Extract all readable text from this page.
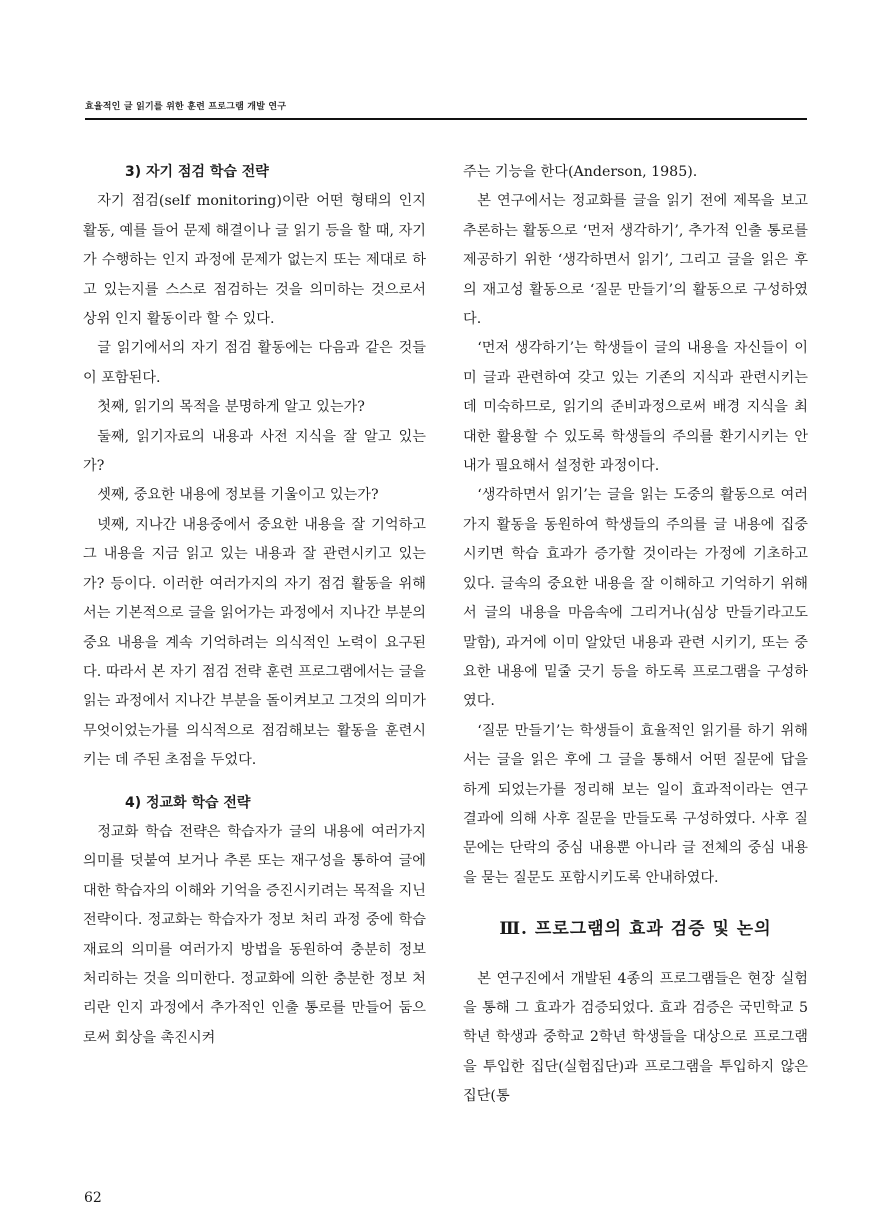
효율적인 글 읽기를 위한 훈련 프로그램 개발 연구

3) 자기 점검 학습 전략

자기 점검(self monitoring)이란 어떤 형태의 인지 활동, 예를 들어 문제 해결이나 글 읽기 등을 할 때, 자기가 수행하는 인지 과정에 문제가 없는지 또는 제대로 하고 있는지를 스스로 점검하는 것을 의미하는 것으로서 상위 인지 활동이라 할 수 있다.

글 읽기에서의 자기 점검 활동에는 다음과 같은 것들이 포함된다.

첫째, 읽기의 목적을 분명하게 알고 있는가?

둘째, 읽기자료의 내용과 사전 지식을 잘 알고 있는가?

셋째, 중요한 내용에 정보를 기울이고 있는가?

넷째, 지나간 내용중에서 중요한 내용을 잘 기억하고 그 내용을 지금 읽고 있는 내용과 잘 관련시키고 있는가? 등이다. 이러한 여러가지의 자기 점검 활동을 위해서는 기본적으로 글을 읽어가는 과정에서 지나간 부분의 중요 내용을 계속 기억하려는 의식적인 노력이 요구된다. 따라서 본 자기 점검 전략 훈련 프로그램에서는 글을 읽는 과정에서 지나간 부분을 돌이켜보고 그것의 의미가 무엇이었는가를 의식적으로 점검해보는 활동을 훈련시키는 데 주된 초점을 두었다.

4) 정교화 학습 전략

정교화 학습 전략은 학습자가 글의 내용에 여러가지 의미를 덧붙여 보거나 추론 또는 재구성을 통하여 글에 대한 학습자의 이해와 기억을 증진시키려는 목적을 지닌 전략이다. 정교화는 학습자가 정보 처리 과정 중에 학습 재료의 의미를 여러가지 방법을 동원하여 충분히 정보 처리하는 것을 의미한다. 정교화에 의한 충분한 정보 처리란 인지 과정에서 추가적인 인출 통로를 만들어 둠으로써 회상을 촉진시켜

주는 기능을 한다(Anderson, 1985).

본 연구에서는 정교화를 글을 읽기 전에 제목을 보고 추론하는 활동으로 ‘먼저 생각하기’, 추가적 인출 통로를 제공하기 위한 ‘생각하면서 읽기’, 그리고 글을 읽은 후의 재고성 활동으로 ‘질문 만들기’의 활동으로 구성하였다.

‘먼저 생각하기’는 학생들이 글의 내용을 자신들이 이미 글과 관련하여 갖고 있는 기존의 지식과 관련시키는 데 미숙하므로, 읽기의 준비과정으로써 배경 지식을 최대한 활용할 수 있도록 학생들의 주의를 환기시키는 안내가 필요해서 설정한 과정이다.

‘생각하면서 읽기’는 글을 읽는 도중의 활동으로 여러가지 활동을 동원하여 학생들의 주의를 글 내용에 집중시키면 학습 효과가 증가할 것이라는 가정에 기초하고 있다. 글속의 중요한 내용을 잘 이해하고 기억하기 위해서 글의 내용을 마음속에 그리거나(심상 만들기라고도 말함), 과거에 이미 알았던 내용과 관련 시키기, 또는 중요한 내용에 밑줄 긋기 등을 하도록 프로그램을 구성하였다.

‘질문 만들기’는 학생들이 효율적인 읽기를 하기 위해서는 글을 읽은 후에 그 글을 통해서 어떤 질문에 답을 하게 되었는가를 정리해 보는 일이 효과적이라는 연구 결과에 의해 사후 질문을 만들도록 구성하였다. 사후 질문에는 단락의 중심 내용뿐 아니라 글 전체의 중심 내용을 묻는 질문도 포함시키도록 안내하였다.

Ⅲ. 프로그램의 효과 검증 및 논의

본 연구진에서 개발된 4종의 프로그램들은 현장 실험을 통해 그 효과가 검증되었다. 효과 검증은 국민학교 5학년 학생과 중학교 2학년 학생들을 대상으로 프로그램을 투입한 집단(실험집단)과 프로그램을 투입하지 않은 집단(통

62
